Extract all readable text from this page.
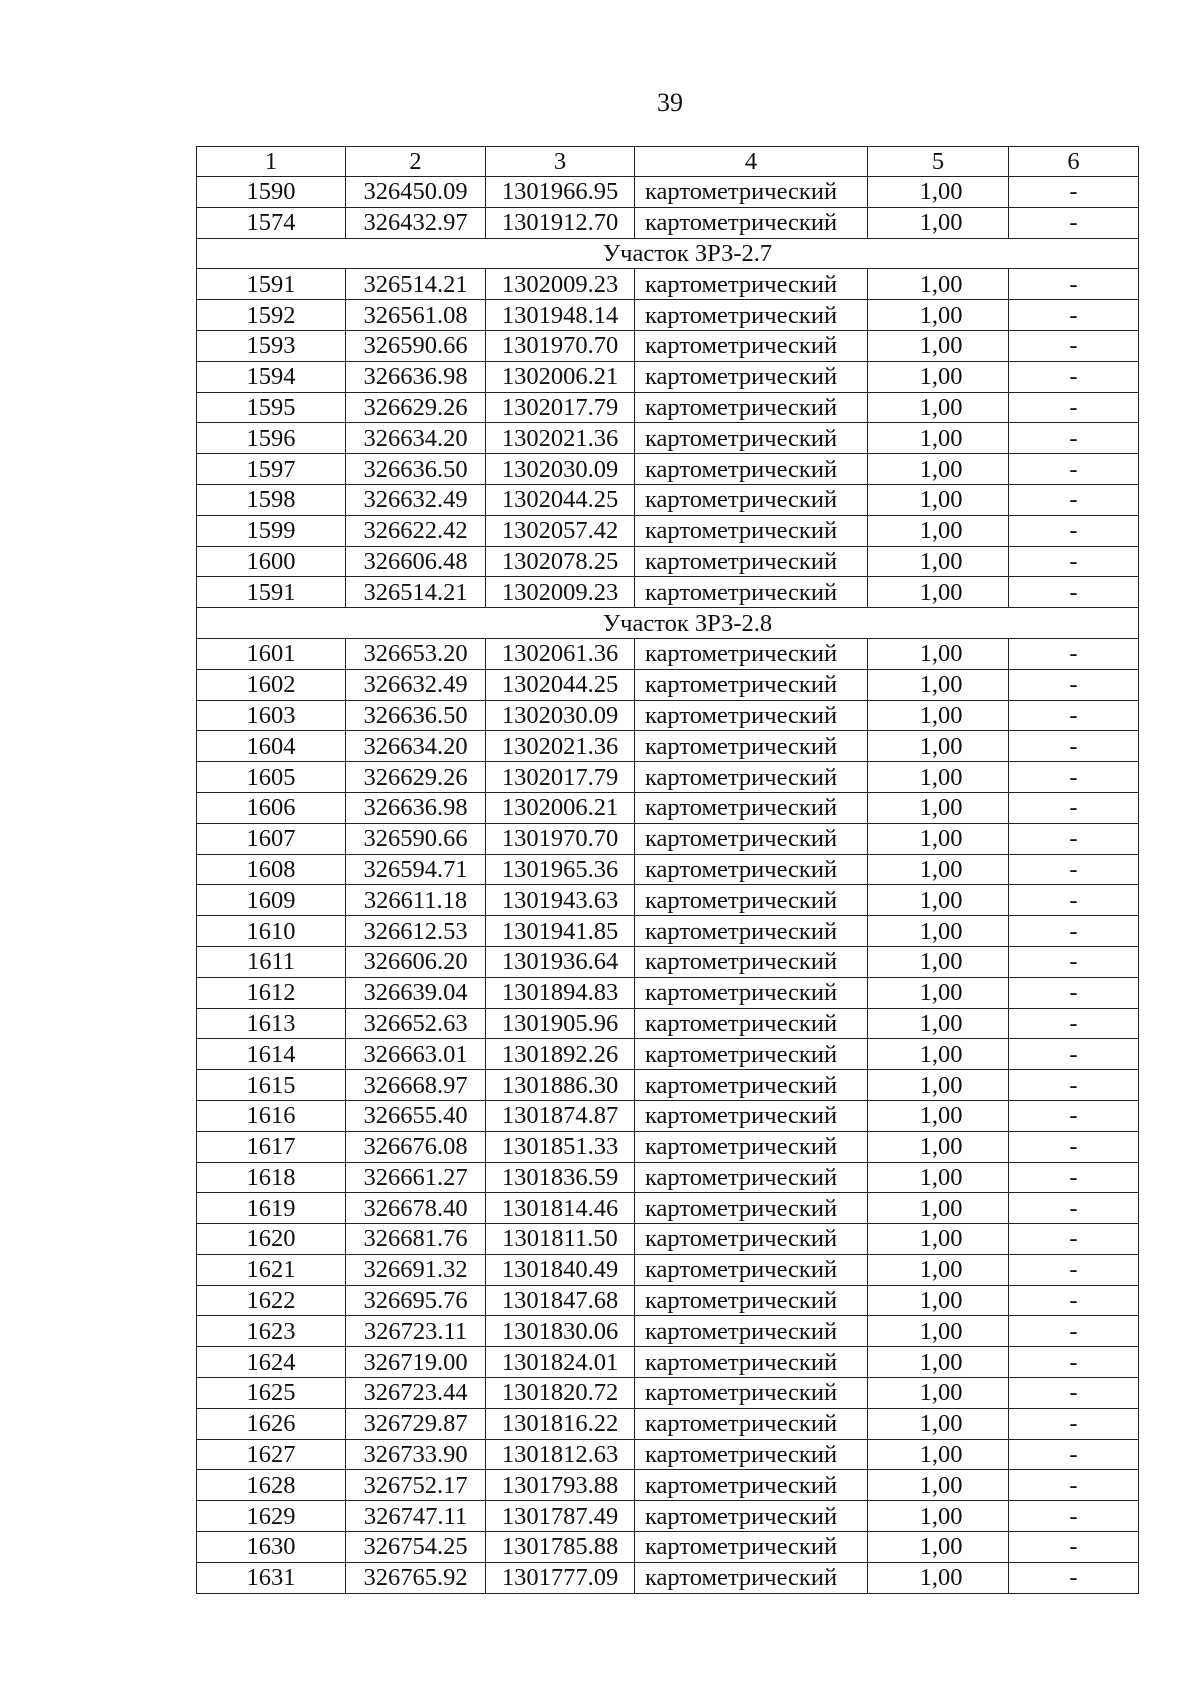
39
1	2	3	4	5	6
1590	326450.09	1301966.95	картометрический	1,00	-
1574	326432.97	1301912.70	картометрический	1,00	-
Участок ЗРЗ-2.7					
1591	326514.21	1302009.23	картометрический	1,00	-
1592	326561.08	1301948.14	картометрический	1,00	-
1593	326590.66	1301970.70	картометрический	1,00	-
1594	326636.98	1302006.21	картометрический	1,00	-
1595	326629.26	1302017.79	картометрический	1,00	-
1596	326634.20	1302021.36	картометрический	1,00	-
1597	326636.50	1302030.09	картометрический	1,00	-
1598	326632.49	1302044.25	картометрический	1,00	-
1599	326622.42	1302057.42	картометрический	1,00	-
1600	326606.48	1302078.25	картометрический	1,00	-
1591	326514.21	1302009.23	картометрический	1,00	-
Участок ЗРЗ-2.8					
1601	326653.20	1302061.36	картометрический	1,00	-
1602	326632.49	1302044.25	картометрический	1,00	-
1603	326636.50	1302030.09	картометрический	1,00	-
1604	326634.20	1302021.36	картометрический	1,00	-
1605	326629.26	1302017.79	картометрический	1,00	-
1606	326636.98	1302006.21	картометрический	1,00	-
1607	326590.66	1301970.70	картометрический	1,00	-
1608	326594.71	1301965.36	картометрический	1,00	-
1609	326611.18	1301943.63	картометрический	1,00	-
1610	326612.53	1301941.85	картометрический	1,00	-
1611	326606.20	1301936.64	картометрический	1,00	-
1612	326639.04	1301894.83	картометрический	1,00	-
1613	326652.63	1301905.96	картометрический	1,00	-
1614	326663.01	1301892.26	картометрический	1,00	-
1615	326668.97	1301886.30	картометрический	1,00	-
1616	326655.40	1301874.87	картометрический	1,00	-
1617	326676.08	1301851.33	картометрический	1,00	-
1618	326661.27	1301836.59	картометрический	1,00	-
1619	326678.40	1301814.46	картометрический	1,00	-
1620	326681.76	1301811.50	картометрический	1,00	-
1621	326691.32	1301840.49	картометрический	1,00	-
1622	326695.76	1301847.68	картометрический	1,00	-
1623	326723.11	1301830.06	картометрический	1,00	-
1624	326719.00	1301824.01	картометрический	1,00	-
1625	326723.44	1301820.72	картометрический	1,00	-
1626	326729.87	1301816.22	картометрический	1,00	-
1627	326733.90	1301812.63	картометрический	1,00	-
1628	326752.17	1301793.88	картометрический	1,00	-
1629	326747.11	1301787.49	картометрический	1,00	-
1630	326754.25	1301785.88	картометрический	1,00	-
1631	326765.92	1301777.09	картометрический	1,00	-
